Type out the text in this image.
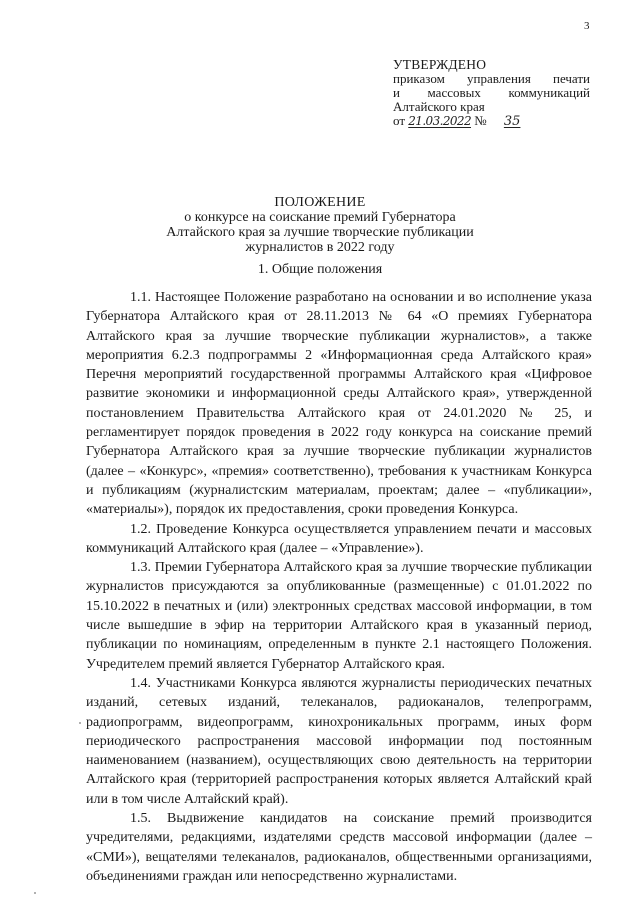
3
УТВЕРЖДЕНО
приказом управления печати
и массовых коммуникаций
Алтайского края
от 21.03.2022 № 35
ПОЛОЖЕНИЕ
о конкурсе на соискание премий Губернатора
Алтайского края за лучшие творческие публикации
журналистов в 2022 году
1. Общие положения

1.1. Настоящее Положение разработано на основании и во исполнение указа Губернатора Алтайского края от 28.11.2013 № 64 «О премиях Губернатора Алтайского края за лучшие творческие публикации журналистов», а также мероприятия 6.2.3 подпрограммы 2 «Информационная среда Алтайского края» Перечня мероприятий государственной программы Алтайского края «Цифровое развитие экономики и информационной среды Алтайского края», утвержденной постановлением Правительства Алтайского края от 24.01.2020 № 25, и регламентирует порядок проведения в 2022 году конкурса на соискание премий Губернатора Алтайского края за лучшие творческие публикации журналистов (далее – «Конкурс», «премия» соответственно), требования к участникам Конкурса и публикациям (журналистским материалам, проектам; далее – «публикации», «материалы»), порядок их предоставления, сроки проведения Конкурса.

1.2. Проведение Конкурса осуществляется управлением печати и массовых коммуникаций Алтайского края (далее – «Управление»).

1.3. Премии Губернатора Алтайского края за лучшие творческие публикации журналистов присуждаются за опубликованные (размещенные) с 01.01.2022 по 15.10.2022 в печатных и (или) электронных средствах массовой информации, в том числе вышедшие в эфир на территории Алтайского края в указанный период, публикации по номинациям, определенным в пункте 2.1 настоящего Положения. Учредителем премий является Губернатор Алтайского края.

1.4. Участниками Конкурса являются журналисты периодических печатных изданий, сетевых изданий, телеканалов, радиоканалов, телепрограмм, радиопрограмм, видеопрограмм, кинохроникальных программ, иных форм периодического распространения массовой информации под постоянным наименованием (названием), осуществляющих свою деятельность на территории Алтайского края (территорией распространения которых является Алтайский край или в том числе Алтайский край).

1.5. Выдвижение кандидатов на соискание премий производится учредителями, редакциями, издателями средств массовой информации (далее – «СМИ»), вещателями телеканалов, радиоканалов, общественными организациями, объединениями граждан или непосредственно журналистами.
